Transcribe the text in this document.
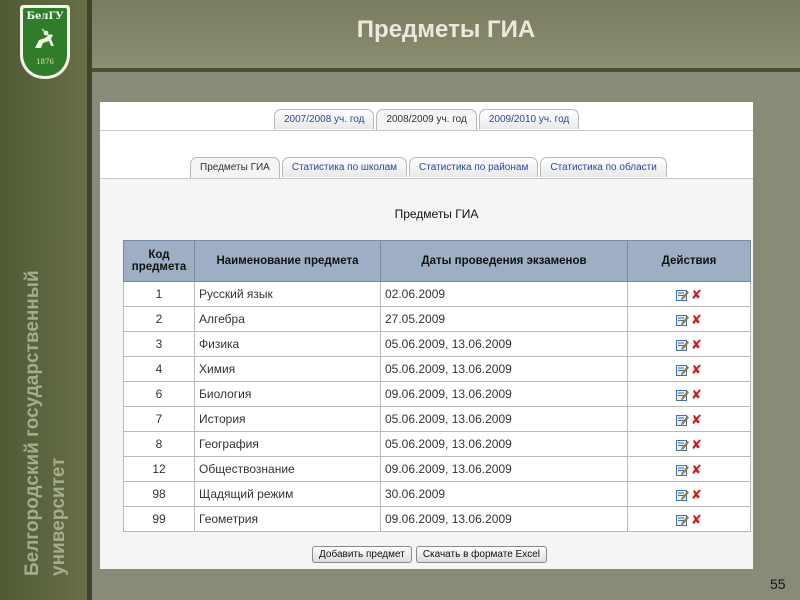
БелГУ
1876
Белгородский государственный университет
Предметы ГИА
2007/2008 уч. год	2008/2009 уч. год	2009/2010 уч. год
Предметы ГИА	Статистика по школам	Статистика по районам	Статистика по области
Предметы ГИА
Код
предмета	Наименование предмета	Даты проведения экзаменов	Действия
1	Русский язык	02.06.2009	✘
2	Алгебра	27.05.2009	✘
3	Физика	05.06.2009, 13.06.2009	✘
4	Химия	05.06.2009, 13.06.2009	✘
6	Биология	09.06.2009, 13.06.2009	✘
7	История	05.06.2009, 13.06.2009	✘
8	География	05.06.2009, 13.06.2009	✘
12	Обществознание	09.06.2009, 13.06.2009	✘
98	Щадящий режим	30.06.2009	✘
99	Геометрия	09.06.2009, 13.06.2009	✘
Добавить предмет	Скачать в формате Excel
55
